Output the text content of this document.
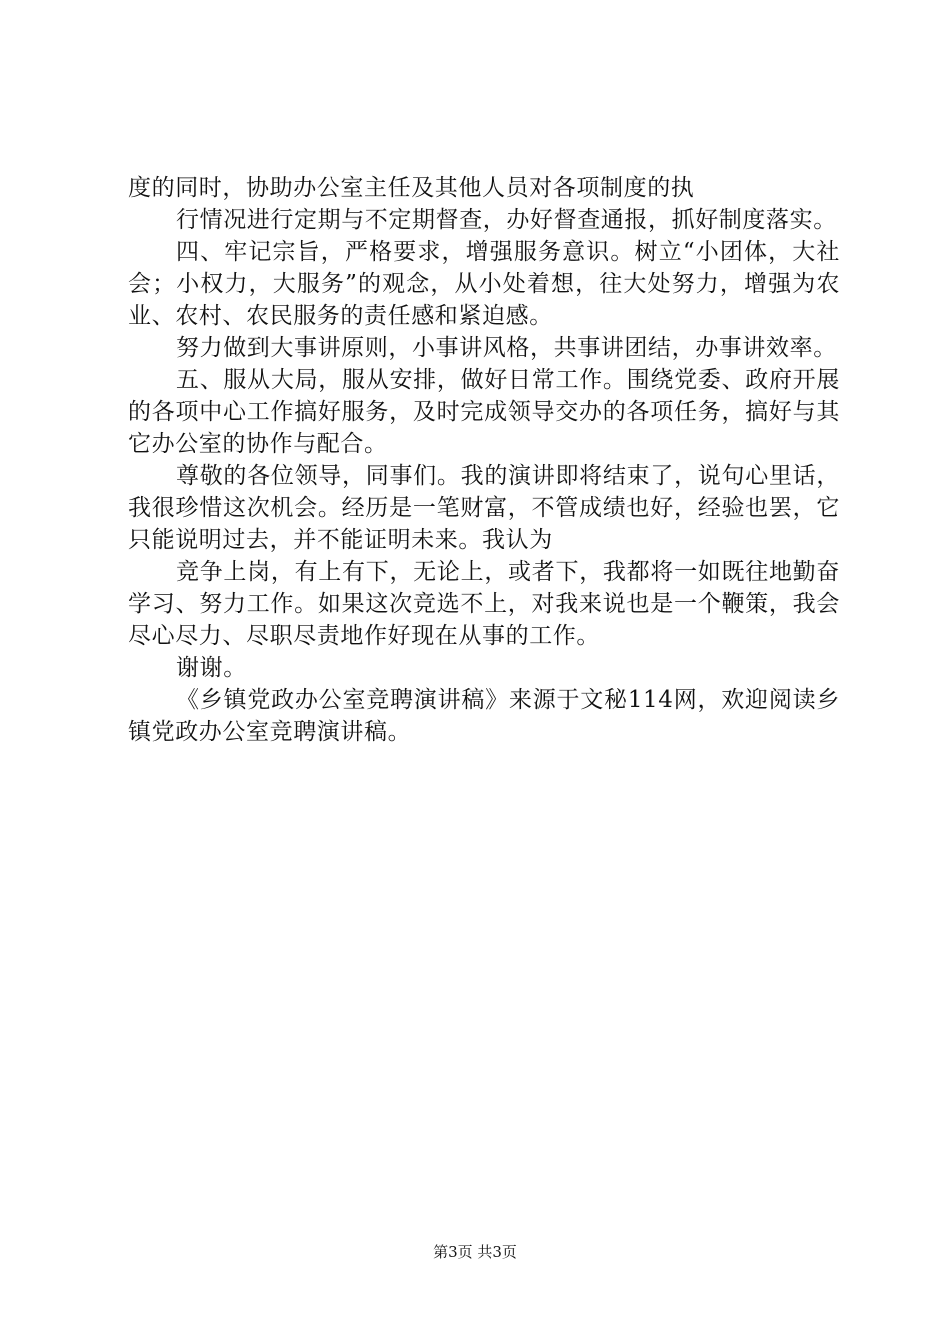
度的同时，协助办公室主任及其他人员对各项制度的执

行情况进行定期与不定期督查，办好督查通报，抓好制度落实。

四、牢记宗旨，严格要求，增强服务意识。树立“小团体，大社会；小权力，大服务”的观念，从小处着想，往大处努力，增强为农业、农村、农民服务的责任感和紧迫感。

努力做到大事讲原则，小事讲风格，共事讲团结，办事讲效率。

五、服从大局，服从安排，做好日常工作。围绕党委、政府开展的各项中心工作搞好服务，及时完成领导交办的各项任务，搞好与其它办公室的协作与配合。

尊敬的各位领导，同事们。我的演讲即将结束了，说句心里话，我很珍惜这次机会。经历是一笔财富，不管成绩也好，经验也罢，它只能说明过去，并不能证明未来。我认为

竞争上岗，有上有下，无论上，或者下，我都将一如既往地勤奋学习、努力工作。如果这次竞选不上，对我来说也是一个鞭策，我会尽心尽力、尽职尽责地作好现在从事的工作。

谢谢。

《乡镇党政办公室竞聘演讲稿》来源于文秘114网，欢迎阅读乡镇党政办公室竞聘演讲稿。

第3页 共3页
